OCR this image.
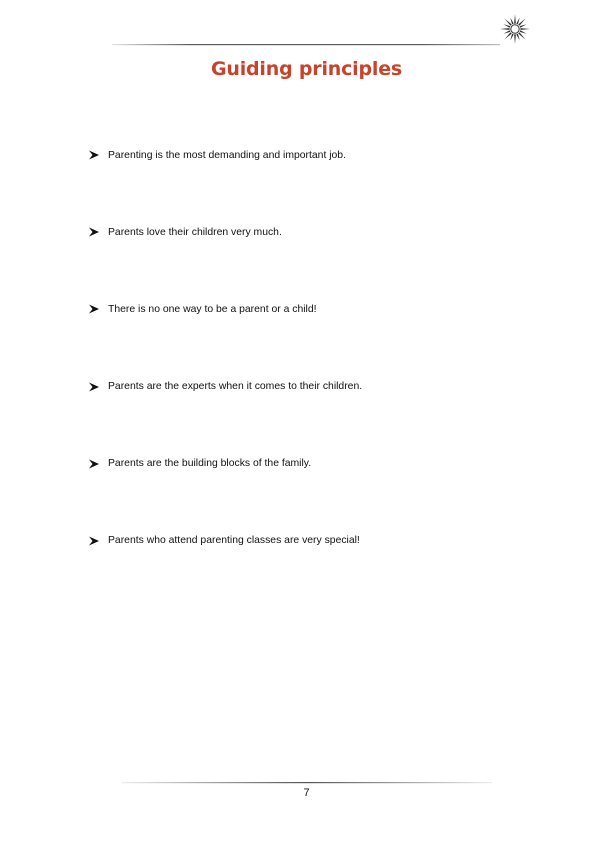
Guiding principles
Parenting is the most demanding and important job.
Parents love their children very much.
There is no one way to be a parent or a child!
Parents are the experts when it comes to their children.
Parents are the building blocks of the family.
Parents who attend parenting classes are very special!
7
